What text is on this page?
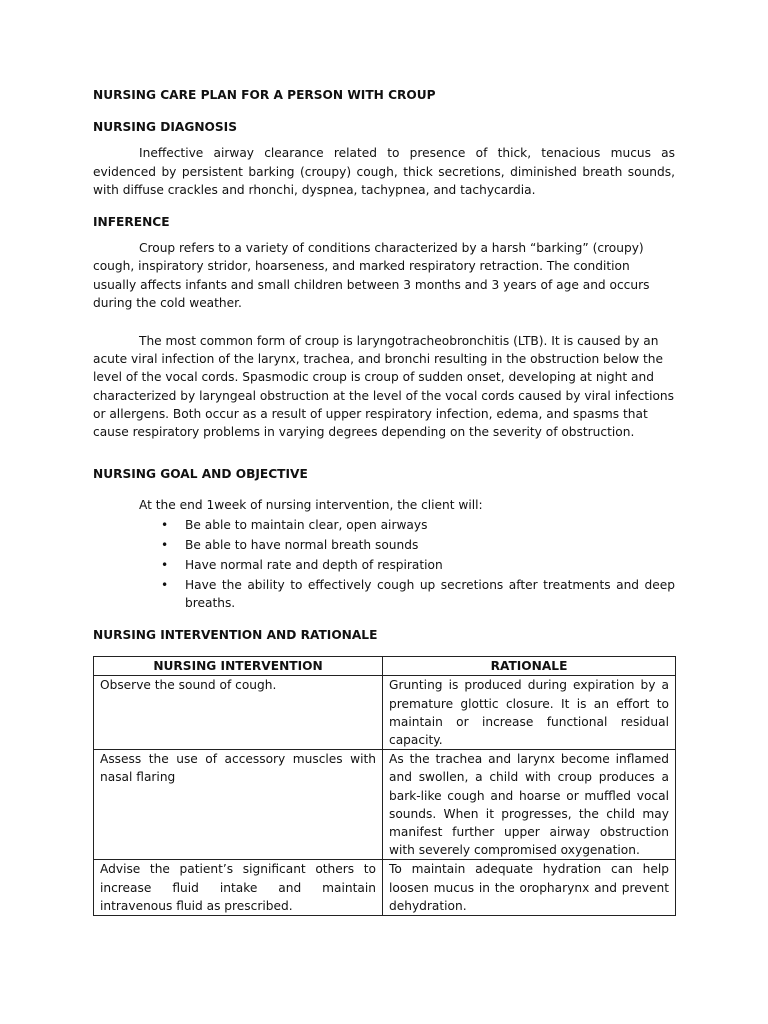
NURSING CARE PLAN FOR A PERSON WITH CROUP

NURSING DIAGNOSIS

Ineffective airway clearance related to presence of thick, tenacious mucus as evidenced by persistent barking (croupy) cough, thick secretions, diminished breath sounds, with diffuse crackles and rhonchi, dyspnea, tachypnea, and tachycardia.

INFERENCE

Croup refers to a variety of conditions characterized by a harsh “barking” (croupy) cough, inspiratory stridor, hoarseness, and marked respiratory retraction. The condition usually affects infants and small children between 3 months and 3 years of age and occurs during the cold weather.

The most common form of croup is laryngotracheobronchitis (LTB). It is caused by an acute viral infection of the larynx, trachea, and bronchi resulting in the obstruction below the level of the vocal cords. Spasmodic croup is croup of sudden onset, developing at night and characterized by laryngeal obstruction at the level of the vocal cords caused by viral infections or allergens. Both occur as a result of upper respiratory infection, edema, and spasms that cause respiratory problems in varying degrees depending on the severity of obstruction.

NURSING GOAL AND OBJECTIVE

At the end 1week of nursing intervention, the client will:

• Be able to maintain clear, open airways
• Be able to have normal breath sounds
• Have normal rate and depth of respiration
• Have the ability to effectively cough up secretions after treatments and deep breaths.

NURSING INTERVENTION AND RATIONALE

NURSING INTERVENTION	RATIONALE
Observe the sound of cough.	Grunting is produced during expiration by a premature glottic closure. It is an effort to maintain or increase functional residual capacity.
Assess the use of accessory muscles with nasal flaring	As the trachea and larynx become inflamed and swollen, a child with croup produces a bark-like cough and hoarse or muffled vocal sounds. When it progresses, the child may manifest further upper airway obstruction with severely compromised oxygenation.
Advise the patient’s significant others to increase fluid intake and maintain intravenous fluid as prescribed.	To maintain adequate hydration can help loosen mucus in the oropharynx and prevent dehydration.
